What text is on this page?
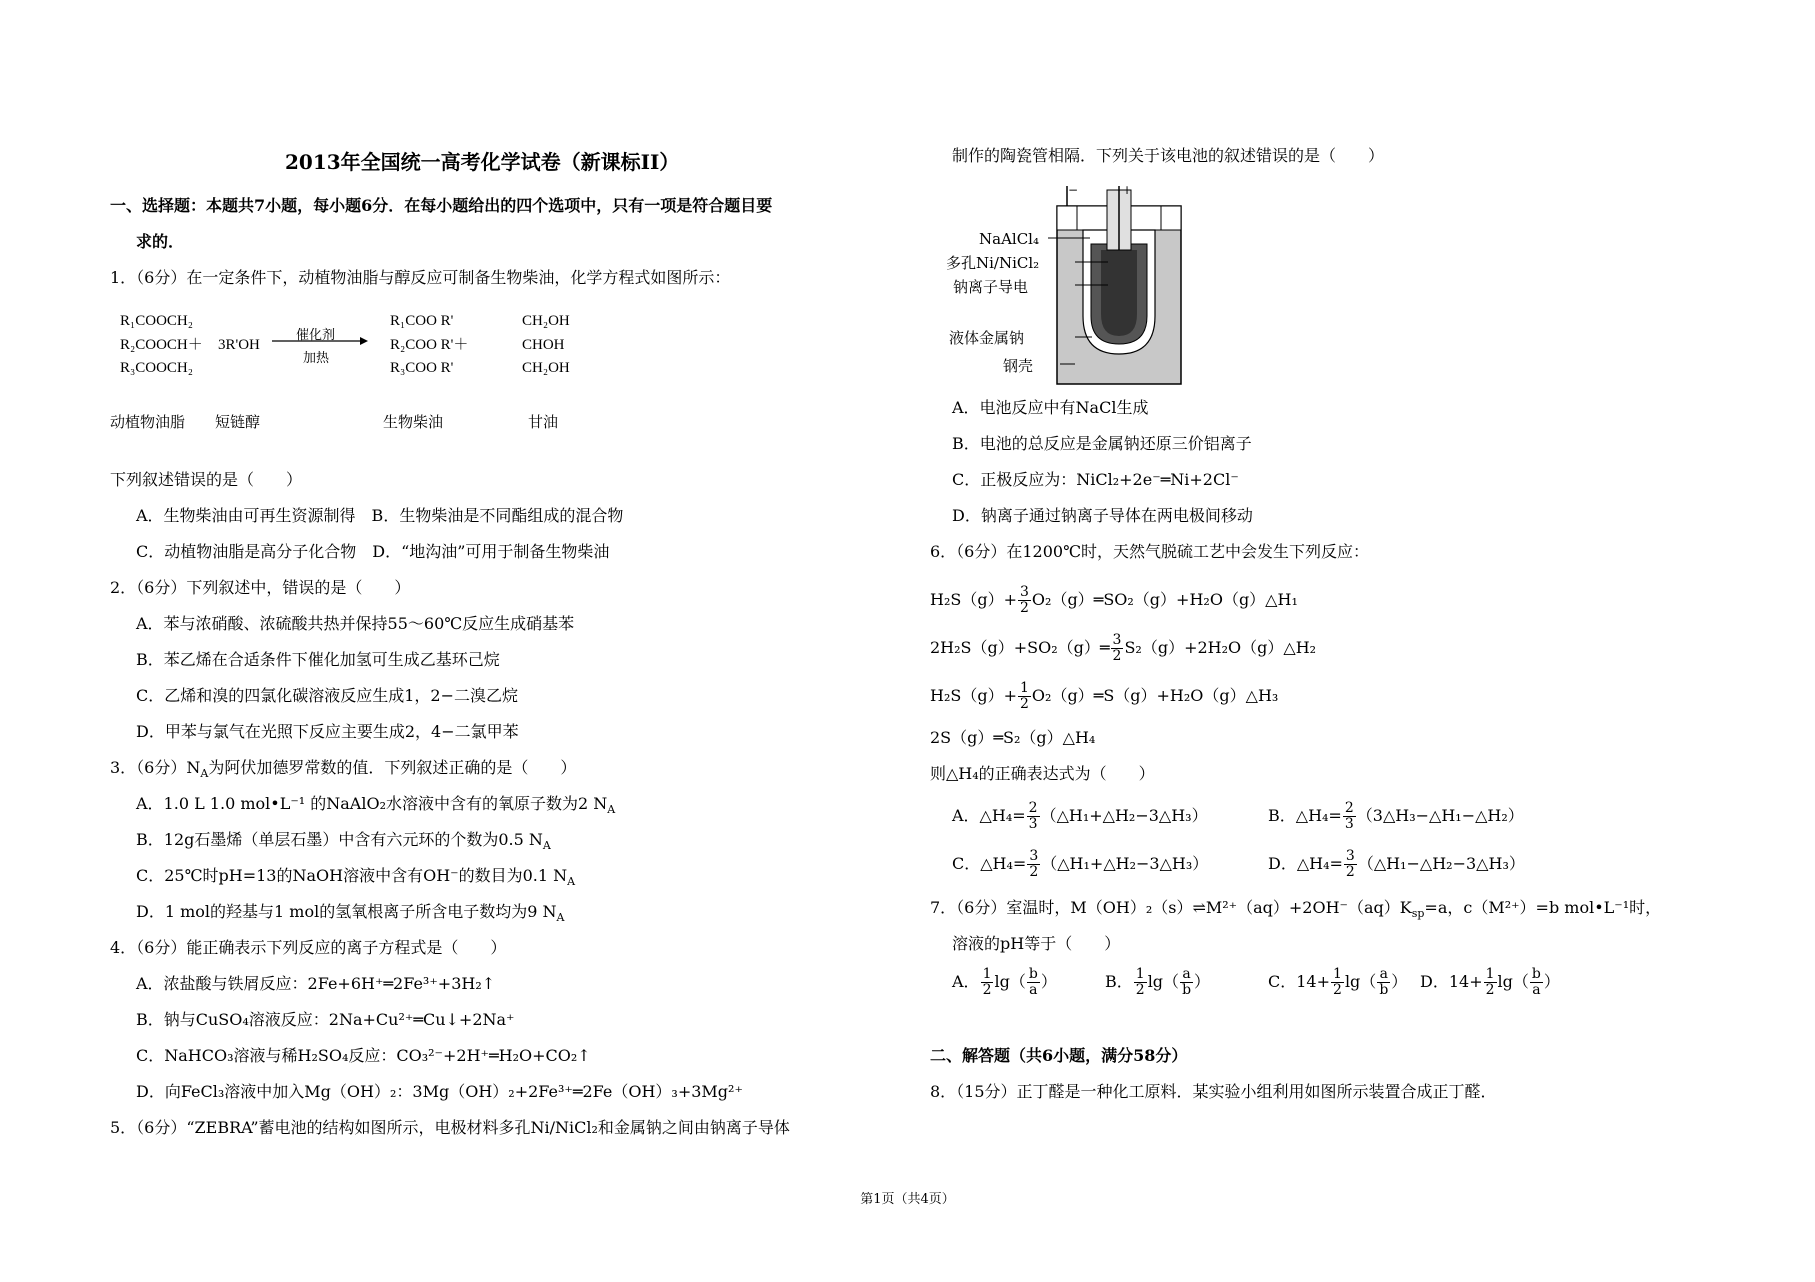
2013年全国统一高考化学试卷（新课标II）
一、选择题：本题共7小题，每小题6分．在每小题给出的四个选项中，只有一项是符合题目要
求的．
1．（6分）在一定条件下，动植物油脂与醇反应可制备生物柴油，化学方程式如图所示：
R₁COOCH₂
R₂COOCH＋
R₃COOCH₂
3R'OH
催化剂
加热
R₁COO R'
R₂COO R'＋
R₃COO R'
CH₂OH
CHOH
CH₂OH
动植物油脂 短链醇	生物柴油	甘油
下列叙述错误的是（　　）
A．生物柴油由可再生资源制得　B．生物柴油是不同酯组成的混合物
C．动植物油脂是高分子化合物　D．“地沟油”可用于制备生物柴油
2．（6分）下列叙述中，错误的是（　　）
A．苯与浓硝酸、浓硫酸共热并保持55～60℃反应生成硝基苯
B．苯乙烯在合适条件下催化加氢可生成乙基环己烷
C．乙烯和溴的四氯化碳溶液反应生成1，2−二溴乙烷
D．甲苯与氯气在光照下反应主要生成2，4−二氯甲苯
3．（6分）$N_A$为阿伏加德罗常数的值．下列叙述正确的是（　　）
A．1.0 L 1.0 mol•L⁻¹ 的NaAlO₂水溶液中含有的氧原子数为2 $N_A$
B．12g石墨烯（单层石墨）中含有六元环的个数为0.5 $N_A$
C．25℃时pH=13的NaOH溶液中含有OH⁻的数目为0.1 $N_A$
D．1 mol的羟基与1 mol的氢氧根离子所含电子数均为9 $N_A$
4．（6分）能正确表示下列反应的离子方程式是（　　）
A．浓盐酸与铁屑反应：2Fe+6H⁺═2Fe³⁺+3H₂↑
B．钠与CuSO₄溶液反应：2Na+Cu²⁺═Cu↓+2Na⁺
C．NaHCO₃溶液与稀H₂SO₄反应：CO₃²⁻+2H⁺═H₂O+CO₂↑
D．向FeCl₃溶液中加入Mg（OH）₂：3Mg（OH）₂+2Fe³⁺═2Fe（OH）₃+3Mg²⁺
5．（6分）“ZEBRA”蓄电池的结构如图所示，电极材料多孔Ni/NiCl₂和金属钠之间由钠离子导体
制作的陶瓷管相隔．下列关于该电池的叙述错误的是（　　）
−	+
NaAlCl₄
多孔Ni/NiCl₂
钠离子导电
液体金属钠
钢壳
A．电池反应中有NaCl生成
B．电池的总反应是金属钠还原三价铝离子
C．正极反应为：NiCl₂+2e⁻═Ni+2Cl⁻
D．钠离子通过钠离子导体在两电极间移动
6．（6分）在1200℃时，天然气脱硫工艺中会发生下列反应：
$H_2S(g)+ \frac{3}{2}$ O₂（g）═SO₂（g）+H₂O（g）△H₁
2H₂S（g）+SO₂（g）═ $\frac{3}{2}$ S₂（g）+2H₂O（g）△H₂
$H_2S(g)+ \frac{1}{2}$ O₂（g）═S（g）+H₂O（g）△H₃
2S（g）═S₂（g）△H₄
则△H₄的正确表达式为（　　）
A．△H₄= $\frac{2}{3}$ （△H₁+△H₂−3△H₃）	B．△H₄= $\frac{2}{3}$ （3△H₃−△H₁−△H₂）
C．△H₄= $\frac{3}{2}$ （△H₁+△H₂−3△H₃）	D．△H₄= $\frac{3}{2}$ （△H₁−△H₂−3△H₃）
7．（6分）室温时，$M(OH)_2(s)\rightleftharpoons M^{2+}(aq)+2OH^-(aq)K_{sp}=a$，c（M²⁺）=b mol•L⁻¹时，
溶液的pH等于（　　）
A． $\frac{1}{2} \lg( \frac{b}{a}$ ）	B． $\frac{1}{2} \lg( \frac{a}{b}$ ）	C．$14+ \frac{1}{2} \lg( \frac{a}{b}$ ） D．$14+ \frac{1}{2} \lg( \frac{b}{a}$ ）
二、解答题（共6小题，满分58分）
8．（15分）正丁醛是一种化工原料．某实验小组利用如图所示装置合成正丁醛．
第1页（共4页）
